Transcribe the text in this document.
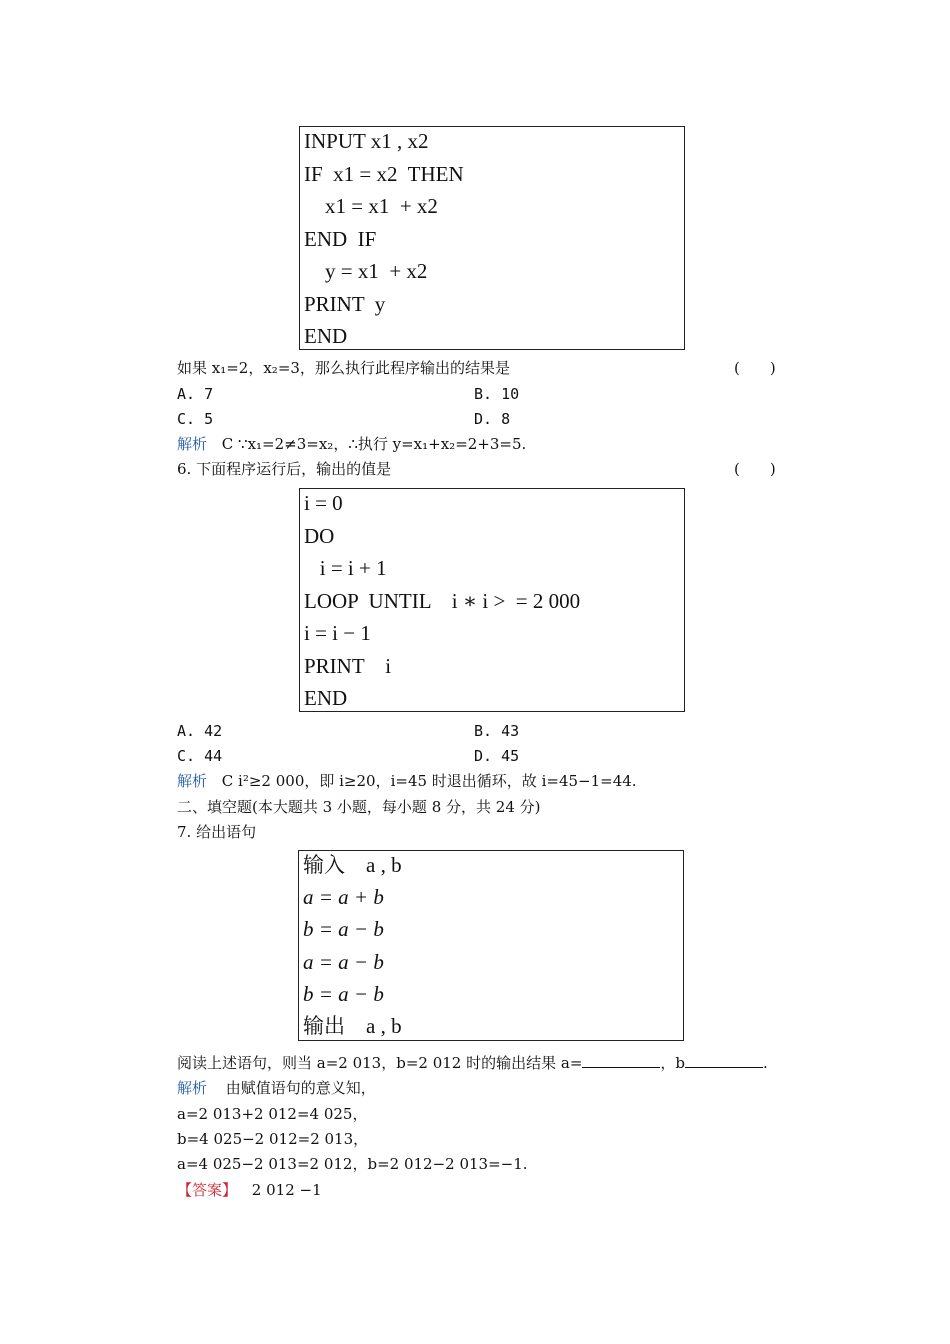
INPUT x1 , x2
IF  x1 = x2  THEN
x1 = x1  + x2
END  IF
y = x1  + x2
PRINT  y
END
如果 x₁=2，x₂=3，那么执行此程序输出的结果是	(　　)
A. 7	B. 10
C. 5	D. 8
解析 C ∵x₁=2≠3=x₂，∴执行 y=x₁+x₂=2+3=5.
6. 下面程序运行后，输出的值是	(　　)
i = 0
DO
i = i + 1
LOOP  UNTIL    i ∗ i >  = 2 000
i = i − 1
PRINT    i
END
A. 42	B. 43
C. 44	D. 45
解析 C i²≥2 000，即 i≥20，i=45 时退出循环，故 i=45−1=44.
二、填空题(本大题共 3 小题，每小题 8 分，共 24 分)
7. 给出语句
输入    a , b
a = a + b
b = a − b
a = a − b
b = a − b
输出    a , b
阅读上述语句，则当 a=2 013，b=2 012 时的输出结果 a=	，b	.
解析 由赋值语句的意义知，
a=2 013+2 012=4 025，
b=4 025−2 012=2 013，
a=4 025−2 013=2 012，b=2 012−2 013=−1.
【答案】 2 012 −1
